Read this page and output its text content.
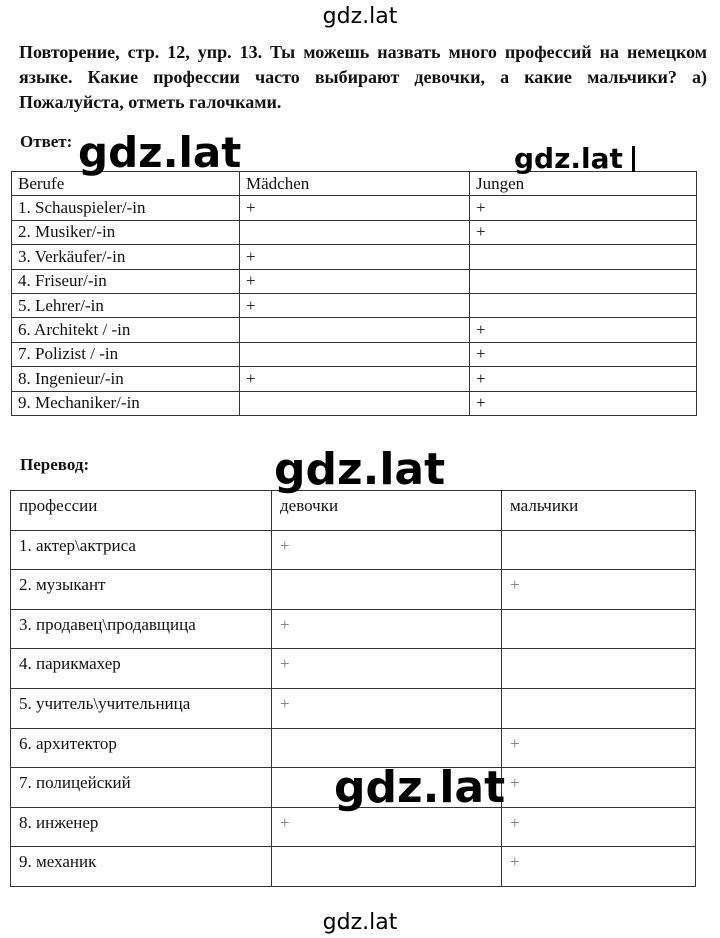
gdz.lat
Повторение, стр. 12, упр. 13. Ты можешь назвать много профессий на немецком языке. Какие профессии часто выбирают девочки, а какие мальчики? а) Пожалуйста, отметь галочками.
Ответ:
Berufe	Mädchen	Jungen
1. Schauspieler/-in	+	+
2. Musiker/-in		+
3. Verkäufer/-in	+	
4. Friseur/-in	+	
5. Lehrer/-in	+	
6. Architekt / -in		+
7. Polizist / -in		+
8. Ingenieur/-in	+	+
9. Mechaniker/-in		+
Перевод:
профессии	девочки	мальчики
1. актер\актриса	+	
2. музыкант		+
3. продавец\продавщица	+	
4. парикмахер	+	
5. учитель\учительница	+	
6. архитектор		+
7. полицейский		+
8. инженер	+	+
9. механик		+
gdz.lat	gdz.lat
gdz.lat
gdz.lat
gdz.lat
